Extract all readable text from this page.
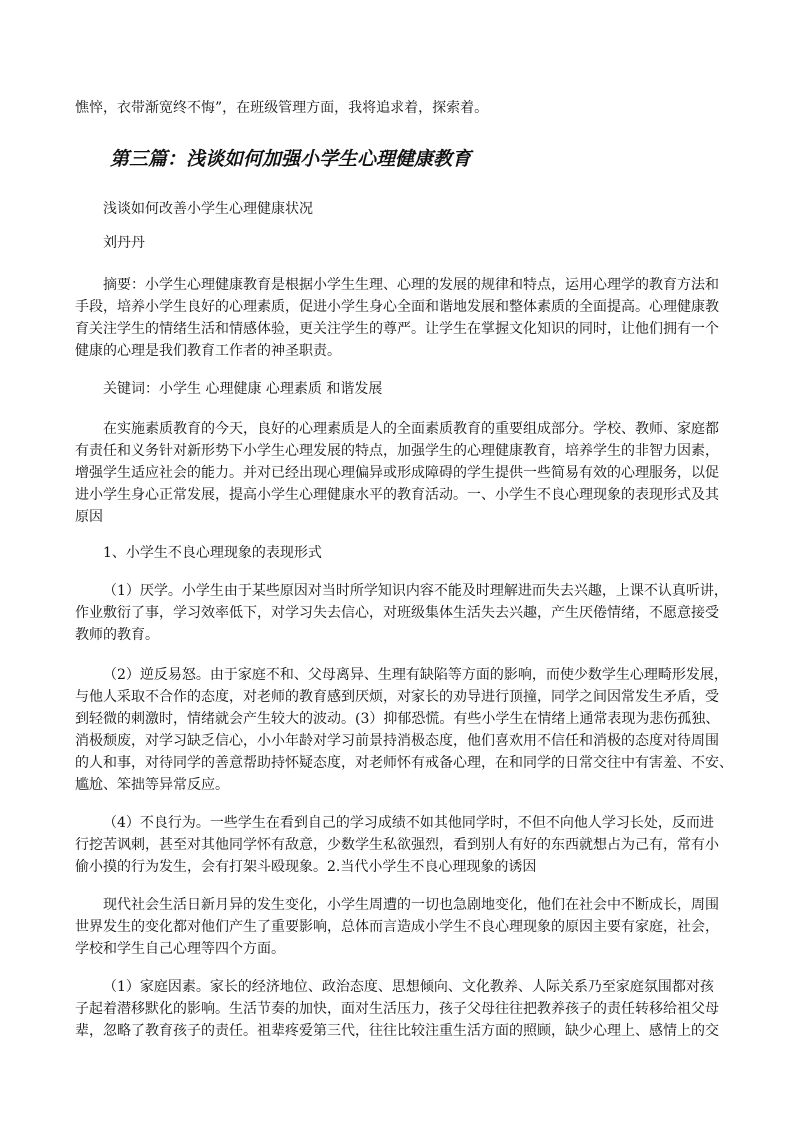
憔悴，衣带渐宽终不悔”，在班级管理方面，我将追求着，探索着。
第三篇：浅谈如何加强小学生心理健康教育
浅谈如何改善小学生心理健康状况
刘丹丹
摘要：小学生心理健康教育是根据小学生生理、心理的发展的规律和特点，运用心理学的教育方法和
手段，培养小学生良好的心理素质，促进小学生身心全面和谐地发展和整体素质的全面提高。心理健康教
育关注学生的情绪生活和情感体验，更关注学生的尊严。让学生在掌握文化知识的同时，让他们拥有一个
健康的心理是我们教育工作者的神圣职责。
关键词：小学生 心理健康 心理素质 和谐发展
在实施素质教育的今天，良好的心理素质是人的全面素质教育的重要组成部分。学校、教师、家庭都
有责任和义务针对新形势下小学生心理发展的特点，加强学生的心理健康教育，培养学生的非智力因素，
增强学生适应社会的能力。并对已经出现心理偏异或形成障碍的学生提供一些简易有效的心理服务，以促
进小学生身心正常发展，提高小学生心理健康水平的教育活动。一、小学生不良心理现象的表现形式及其
原因
1、小学生不良心理现象的表现形式
（1）厌学。小学生由于某些原因对当时所学知识内容不能及时理解进而失去兴趣，上课不认真听讲，
作业敷衍了事，学习效率低下，对学习失去信心，对班级集体生活失去兴趣，产生厌倦情绪，不愿意接受
教师的教育。
（2）逆反易怒。由于家庭不和、父母离异、生理有缺陷等方面的影响，而使少数学生心理畸形发展，
与他人采取不合作的态度，对老师的教育感到厌烦，对家长的劝导进行顶撞，同学之间因常发生矛盾，受
到轻微的刺激时，情绪就会产生较大的波动。(3）抑郁恐慌。有些小学生在情绪上通常表现为悲伤孤独、
消极颓废，对学习缺乏信心，小小年龄对学习前景持消极态度，他们喜欢用不信任和消极的态度对待周围
的人和事，对待同学的善意帮助持怀疑态度，对老师怀有戒备心理，在和同学的日常交往中有害羞、不安、
尴尬、笨拙等异常反应。
（4）不良行为。一些学生在看到自己的学习成绩不如其他同学时，不但不向他人学习长处，反而进
行挖苦讽刺，甚至对其他同学怀有敌意，少数学生私欲强烈，看到别人有好的东西就想占为己有，常有小
偷小摸的行为发生，会有打架斗殴现象。2.当代小学生不良心理现象的诱因
现代社会生活日新月异的发生变化，小学生周遭的一切也急剧地变化，他们在社会中不断成长，周围
世界发生的变化都对他们产生了重要影响，总体而言造成小学生不良心理现象的原因主要有家庭，社会，
学校和学生自己心理等四个方面。
（1）家庭因素。家长的经济地位、政治态度、思想倾向、文化教养、人际关系乃至家庭氛围都对孩
子起着潜移默化的影响。生活节奏的加快，面对生活压力，孩子父母往往把教养孩子的责任转移给祖父母
辈，忽略了教育孩子的责任。祖辈疼爱第三代，往往比较注重生活方面的照顾，缺少心理上、感情上的交
